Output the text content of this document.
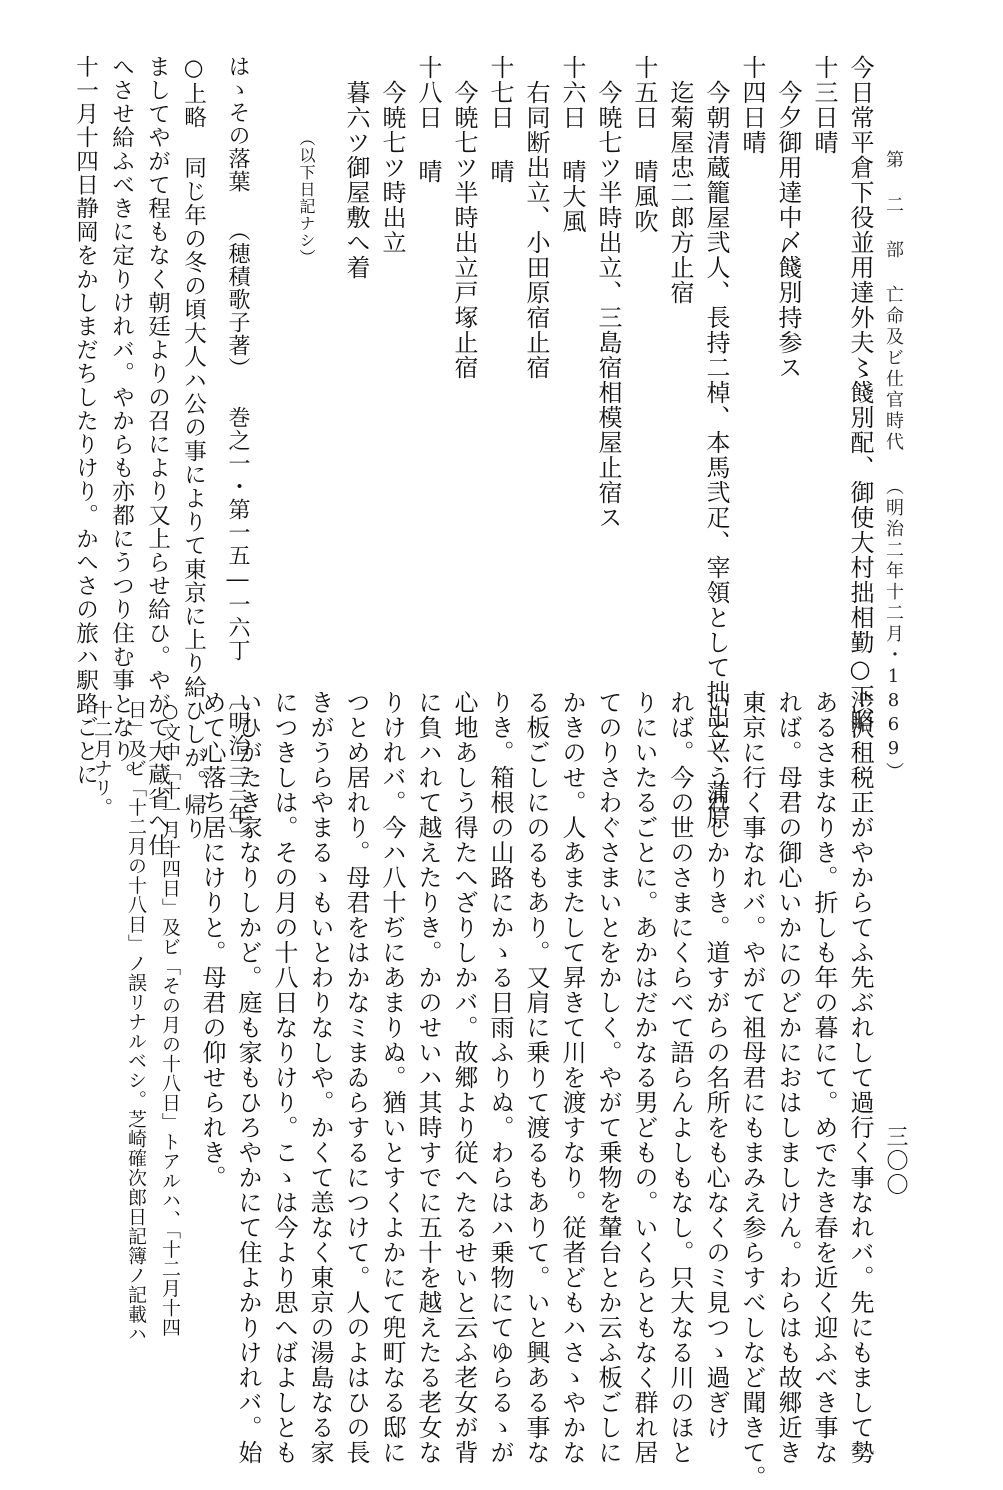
第 二 部 亡命及ビ仕官時代 （明治二年十二月・1869）
今日常平倉下役並用達外夫〻餞別配、御使大村拙相勤○下略
十三日晴
今夕御用達中〆餞別持参ス
十四日晴
今朝清蔵籠屋弐人、長持二棹、本馬弐疋、宰領として拙出立、蒲原
迄菊屋忠二郎方止宿
十五日 晴風吹
今暁七ツ半時出立、三島宿相模屋止宿ス
十六日 晴大風
右同断出立、小田原宿止宿
十七日 晴
今暁七ツ半時出立戸塚止宿
十八日 晴
今暁七ツ時出立
暮六ツ御屋敷へ着
（以下日記ナシ）
はゝその落葉 （穂積歌子著） 巻之一・第一五―一六丁 〔明治三三年〕
○上略 同じ年の冬の頃大人ハ公の事によりて東京に上り給ひしが。帰り
ましてやがて程もなく朝廷よりの召により又上らせ給ひ。やがて大蔵省へ仕
へさせ給ふべきに定りけれバ。やからも亦都にうつり住む事となり。
十一月十四日静岡をかしまだちしたりけり。かへさの旅ハ駅路ごとに
渋沢租税正がやからてふ先ぶれして過行く事なれバ。先にもまして勢
あるさまなりき。折しも年の暮にて。めでたき春を近く迎ふべき事な
れば。母君の御心いかにのどかにおはしましけん。わらはも故郷近き
東京に行く事なれバ。やがて祖母君にもまみえ参らすべしなど聞きて。
いとくうれしかりき。道すがらの名所をも心なくのミ見つゝ過ぎけ
れば。今の世のさまにくらべて語らんよしもなし。只大なる川のほと
りにいたるごとに。あかはだかなる男どもの。いくらともなく群れ居
てのりさわぐさまいとをかしく。やがて乗物を輦台とか云ふ板ごしに
かきのせ。人あまたして昇きて川を渡すなり。従者どもハさゝやかな
る板ごしにのるもあり。又肩に乗りて渡るもありて。いと興ある事な
りき。箱根の山路にかゝる日雨ふりぬ。わらはハ乗物にてゆらるゝが
心地あしう得たへざりしかバ。故郷より従へたるせいと云ふ老女が背
に負ハれて越えたりき。かのせいハ其時すでに五十を越えたる老女な
りけれバ。今ハ八十ぢにあまりぬ。猶いとすくよかにて兜町なる邸に
つとめ居れり。母君をはかなミまゐらするにつけて。人のよはひの長
きがうらやまるゝもいとわりなしや。かくて恙なく東京の湯島なる家
につきしは。その月の十八日なりけり。こゝは今より思へばよしとも
いひがたき家なりしかど。庭も家もひろやかにて住よかりけれバ。始
めて心落ち居にけりと。母君の仰せられき。
○文中「十一月十四日」及ビ「その月の十八日」トアルハ、「十二月十四
日」及ビ「十二月の十八日」ノ誤リナルベシ。芝崎確次郎日記簿ノ記載ハ
十二月ナリ。
三〇〇
